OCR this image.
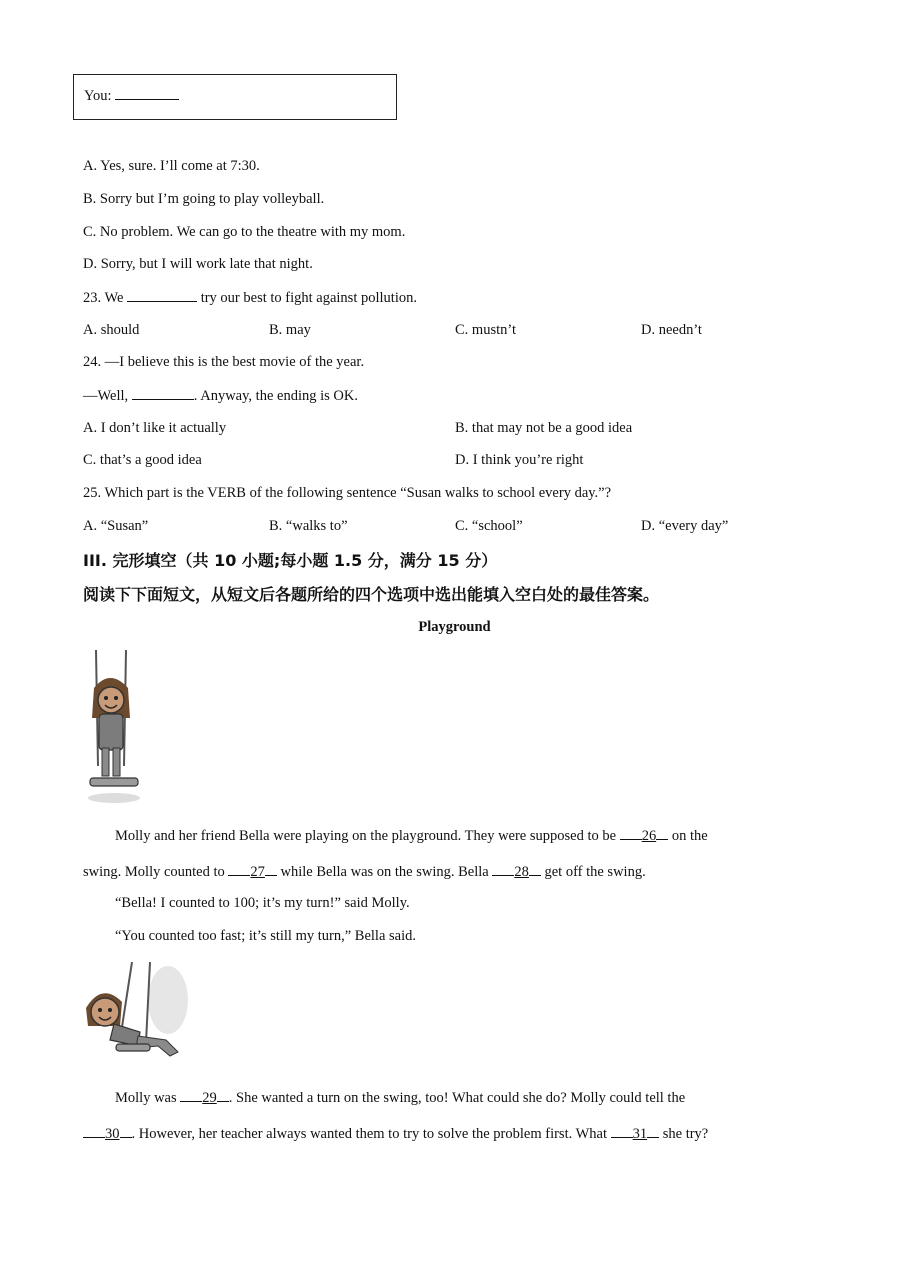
You:
A. Yes, sure. I’ll come at 7:30.
B. Sorry but I’m going to play volleyball.
C. No problem. We can go to the theatre with my mom.
D. Sorry, but I will work late that night.
23. We	try our best to fight against pollution.
A. should	B. may	C. mustn’t	D. needn’t
24. —I believe this is the best movie of the year.
—Well,	. Anyway, the ending is OK.
A. I don’t like it actually	B. that may not be a good idea
C. that’s a good idea	D. I think you’re right
25. Which part is the VERB of the following sentence “Susan walks to school every day.”?
A. “Susan”	B. “walks to”	C. “school”	D. “every day”
III. 完形填空（共 10 小题;每小题 1.5 分，满分 15 分）
阅读下下面短文，从短文后各题所给的四个选项中选出能填入空白处的最佳答案。
Playground
Molly and her friend Bella were playing on the playground. They were supposed to be 26 on the
swing. Molly counted to 27 while Bella was on the swing. Bella 28 get off the swing.
“Bella! I counted to 100; it’s my turn!” said Molly.
“You counted too fast; it’s still my turn,” Bella said.
Molly was 29 . She wanted a turn on the swing, too! What could she do? Molly could tell the
30 . However, her teacher always wanted them to try to solve the problem first. What 31 she try?
